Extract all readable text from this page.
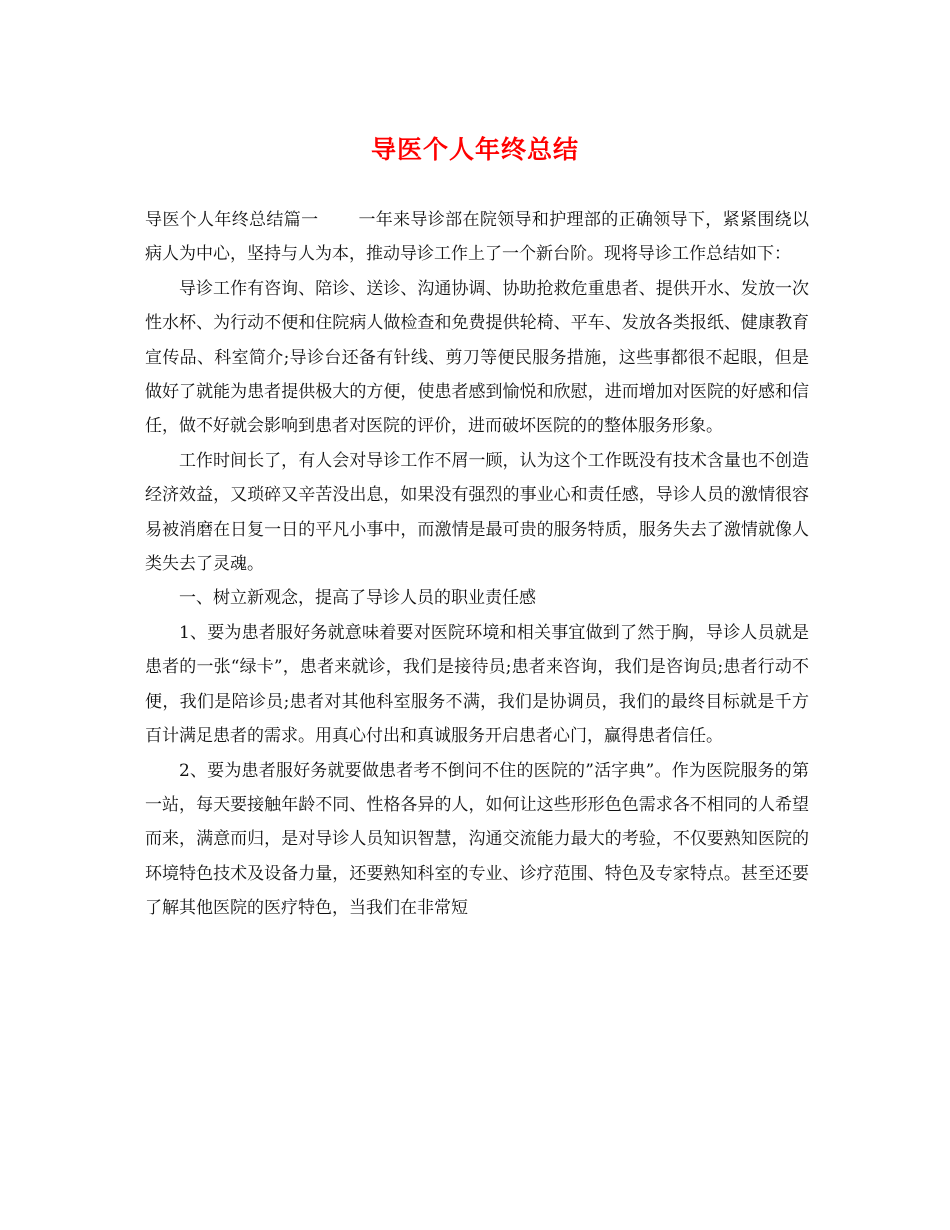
导医个人年终总结

导医个人年终总结篇一 一年来导诊部在院领导和护理部的正确领导下，紧紧围绕以病人为中心，坚持与人为本，推动导诊工作上了一个新台阶。现将导诊工作总结如下：

导诊工作有咨询、陪诊、送诊、沟通协调、协助抢救危重患者、提供开水、发放一次性水杯、为行动不便和住院病人做检查和免费提供轮椅、平车、发放各类报纸、健康教育宣传品、科室简介;导诊台还备有针线、剪刀等便民服务措施，这些事都很不起眼，但是做好了就能为患者提供极大的方便，使患者感到愉悦和欣慰，进而增加对医院的好感和信任，做不好就会影响到患者对医院的评价，进而破坏医院的的整体服务形象。

工作时间长了，有人会对导诊工作不屑一顾，认为这个工作既没有技术含量也不创造经济效益，又琐碎又辛苦没出息，如果没有强烈的事业心和责任感，导诊人员的激情很容易被消磨在日复一日的平凡小事中，而激情是最可贵的服务特质，服务失去了激情就像人类失去了灵魂。

一、树立新观念，提高了导诊人员的职业责任感

1、要为患者服好务就意味着要对医院环境和相关事宜做到了然于胸，导诊人员就是患者的一张“绿卡”，患者来就诊，我们是接待员;患者来咨询，我们是咨询员;患者行动不便，我们是陪诊员;患者对其他科室服务不满，我们是协调员，我们的最终目标就是千方百计满足患者的需求。用真心付出和真诚服务开启患者心门，赢得患者信任。

2、要为患者服好务就要做患者考不倒问不住的医院的”活字典”。作为医院服务的第一站，每天要接触年龄不同、性格各异的人，如何让这些形形色色需求各不相同的人希望而来，满意而归，是对导诊人员知识智慧，沟通交流能力最大的考验，不仅要熟知医院的环境特色技术及设备力量，还要熟知科室的专业、诊疗范围、特色及专家特点。甚至还要了解其他医院的医疗特色，当我们在非常短
